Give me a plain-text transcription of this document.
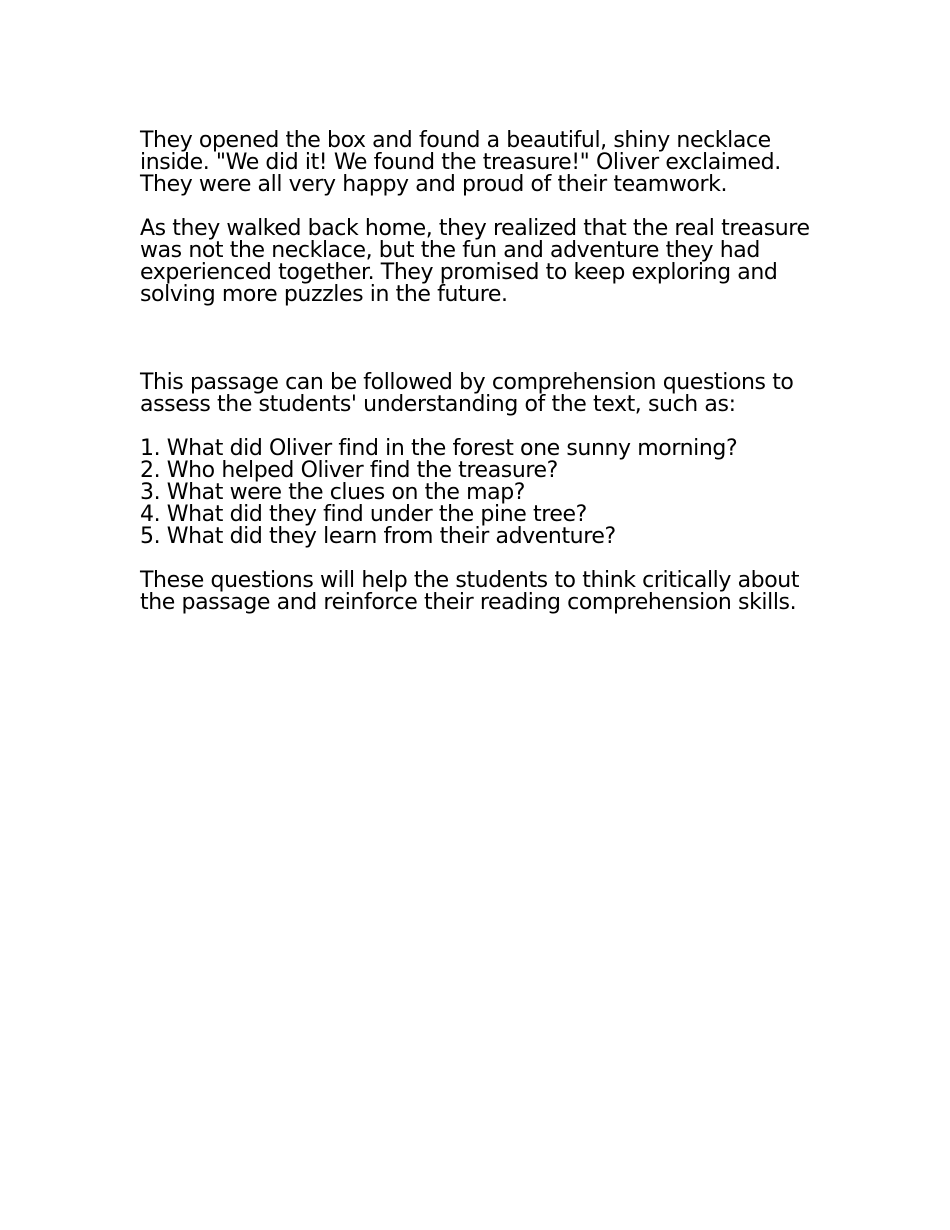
They opened the box and found a beautiful, shiny necklace inside. "We did it! We found the treasure!" Oliver exclaimed. They were all very happy and proud of their teamwork.

As they walked back home, they realized that the real treasure was not the necklace, but the fun and adventure they had experienced together. They promised to keep exploring and solving more puzzles in the future.

This passage can be followed by comprehension questions to assess the students' understanding of the text, such as:

1. What did Oliver find in the forest one sunny morning?
2. Who helped Oliver find the treasure?
3. What were the clues on the map?
4. What did they find under the pine tree?
5. What did they learn from their adventure?

These questions will help the students to think critically about the passage and reinforce their reading comprehension skills.
